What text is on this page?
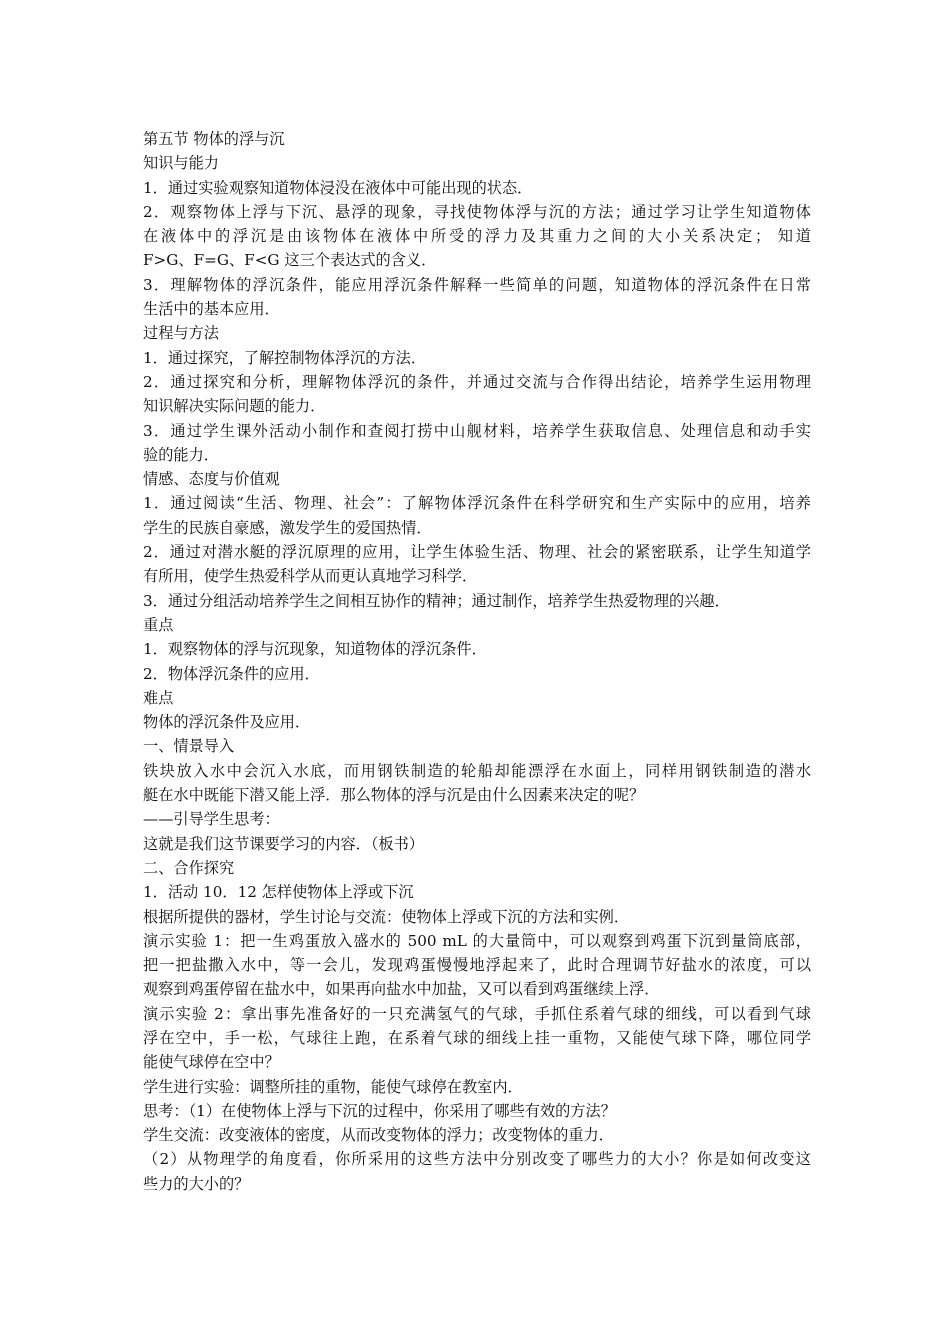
第五节 物体的浮与沉
知识与能力
1．通过实验观察知道物体浸没在液体中可能出现的状态．
2．观察物体上浮与下沉、悬浮的现象，寻找使物体浮与沉的方法；通过学习让学生知道物体
在液体中的浮沉是由该物体在液体中所受的浮力及其重力之间的大小关系决定； 知道
F>G、F=G、F<G 这三个表达式的含义．
3．理解物体的浮沉条件，能应用浮沉条件解释一些简单的问题，知道物体的浮沉条件在日常
生活中的基本应用．
过程与方法
1．通过探究，了解控制物体浮沉的方法．
2．通过探究和分析，理解物体浮沉的条件，并通过交流与合作得出结论，培养学生运用物理
知识解决实际问题的能力．
3．通过学生课外活动小制作和查阅打捞中山舰材料，培养学生获取信息、处理信息和动手实
验的能力．
情感、态度与价值观
1．通过阅读“生活、物理、社会”：了解物体浮沉条件在科学研究和生产实际中的应用，培养
学生的民族自豪感，激发学生的爱国热情．
2．通过对潜水艇的浮沉原理的应用，让学生体验生活、物理、社会的紧密联系，让学生知道学
有所用，使学生热爱科学从而更认真地学习科学．
3．通过分组活动培养学生之间相互协作的精神；通过制作，培养学生热爱物理的兴趣．
重点
1．观察物体的浮与沉现象，知道物体的浮沉条件．
2．物体浮沉条件的应用．
难点
物体的浮沉条件及应用．
一、情景导入
铁块放入水中会沉入水底，而用钢铁制造的轮船却能漂浮在水面上，同样用钢铁制造的潜水
艇在水中既能下潜又能上浮．那么物体的浮与沉是由什么因素来决定的呢？
——引导学生思考：
这就是我们这节课要学习的内容．（板书）
二、合作探究
1．活动 10．12 怎样使物体上浮或下沉
根据所提供的器材，学生讨论与交流：使物体上浮或下沉的方法和实例．
演示实验 1：把一生鸡蛋放入盛水的 500 mL 的大量筒中，可以观察到鸡蛋下沉到量筒底部，
把一把盐撒入水中，等一会儿，发现鸡蛋慢慢地浮起来了，此时合理调节好盐水的浓度，可以
观察到鸡蛋停留在盐水中，如果再向盐水中加盐，又可以看到鸡蛋继续上浮．
演示实验 2：拿出事先准备好的一只充满氢气的气球，手抓住系着气球的细线，可以看到气球
浮在空中，手一松，气球往上跑，在系着气球的细线上挂一重物，又能使气球下降，哪位同学
能使气球停在空中？
学生进行实验：调整所挂的重物，能使气球停在教室内．
思考：（1）在使物体上浮与下沉的过程中，你采用了哪些有效的方法？
学生交流：改变液体的密度，从而改变物体的浮力；改变物体的重力．
（2）从物理学的角度看，你所采用的这些方法中分别改变了哪些力的大小？你是如何改变这
些力的大小的？
